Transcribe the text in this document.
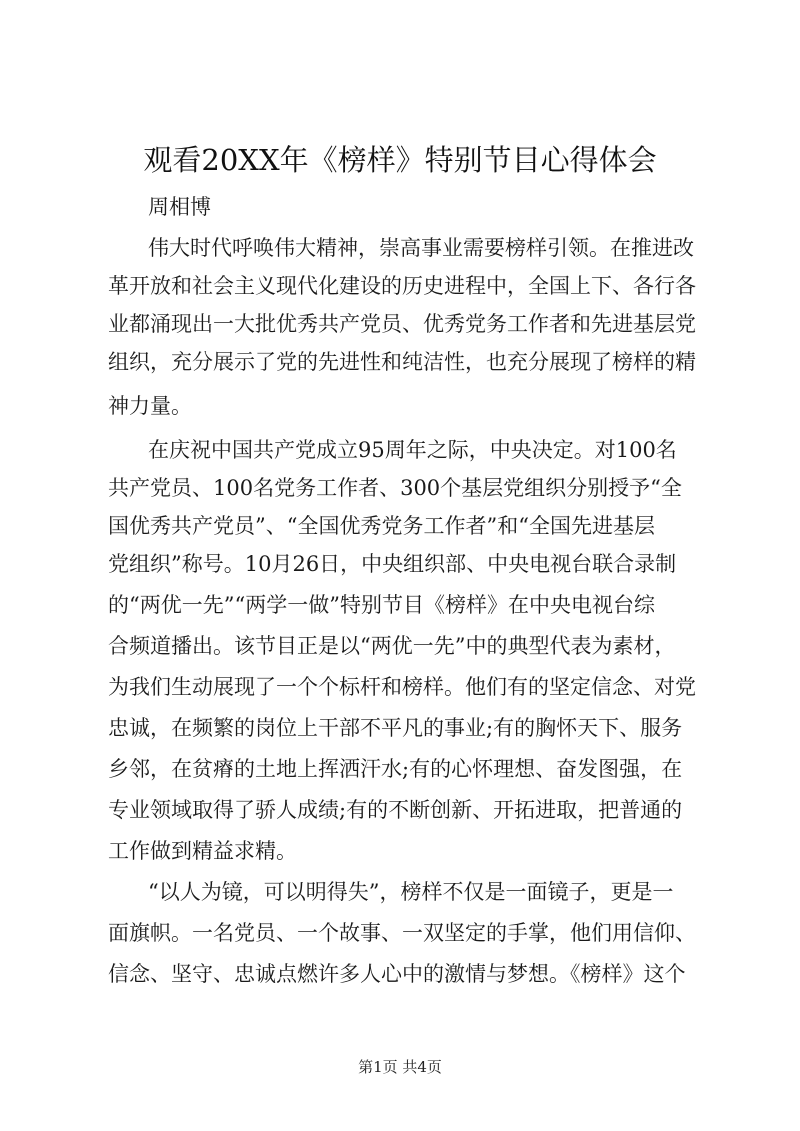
观看20XX年《榜样》特别节目心得体会
周相博
伟大时代呼唤伟大精神，崇高事业需要榜样引领。在推进改
革开放和社会主义现代化建设的历史进程中，全国上下、各行各
业都涌现出一大批优秀共产党员、优秀党务工作者和先进基层党
组织，充分展示了党的先进性和纯洁性，也充分展现了榜样的精
神力量。
在庆祝中国共产党成立95周年之际，中央决定。对100名
共产党员、100名党务工作者、300个基层党组织分别授予“全
国优秀共产党员”、“全国优秀党务工作者”和“全国先进基层
党组织”称号。10月26日，中央组织部、中央电视台联合录制
的“两优一先”“两学一做”特别节目《榜样》在中央电视台综
合频道播出。该节目正是以“两优一先”中的典型代表为素材，
为我们生动展现了一个个标杆和榜样。他们有的坚定信念、对党
忠诚，在频繁的岗位上干部不平凡的事业;有的胸怀天下、服务
乡邻，在贫瘠的土地上挥洒汗水;有的心怀理想、奋发图强，在
专业领域取得了骄人成绩;有的不断创新、开拓进取，把普通的
工作做到精益求精。
“以人为镜，可以明得失”，榜样不仅是一面镜子，更是一
面旗帜。一名党员、一个故事、一双坚定的手掌，他们用信仰、
信念、坚守、忠诚点燃许多人心中的激情与梦想。《榜样》这个
第1页 共4页
